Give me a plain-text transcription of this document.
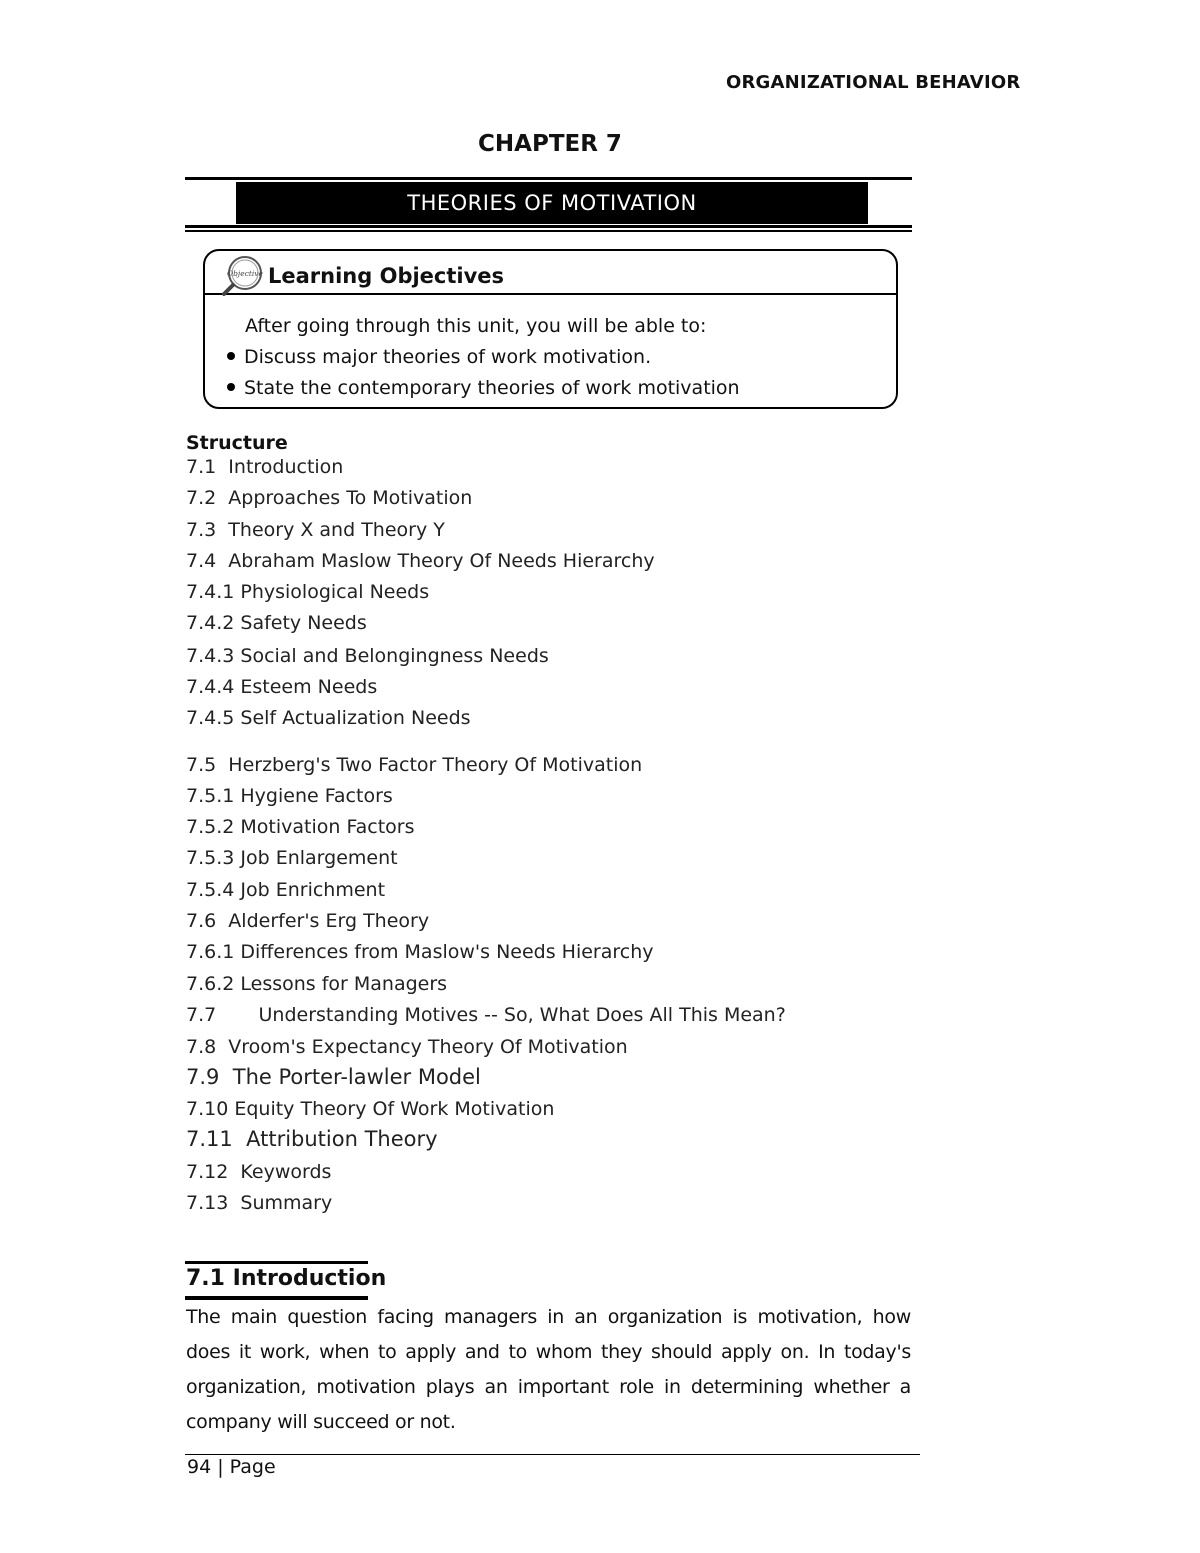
ORGANIZATIONAL BEHAVIOR
CHAPTER 7
THEORIES OF MOTIVATION
Objective Learning Objectives
After going through this unit, you will be able to:
Discuss major theories of work motivation.
State the contemporary theories of work motivation
Structure
7.1  Introduction
7.2  Approaches To Motivation
7.3  Theory X and Theory Y
7.4  Abraham Maslow Theory Of Needs Hierarchy
7.4.1 Physiological Needs
7.4.2 Safety Needs
7.4.3 Social and Belongingness Needs
7.4.4 Esteem Needs
7.4.5 Self Actualization Needs
7.5  Herzberg's Two Factor Theory Of Motivation
7.5.1 Hygiene Factors
7.5.2 Motivation Factors
7.5.3 Job Enlargement
7.5.4 Job Enrichment
7.6  Alderfer's Erg Theory
7.6.1 Differences from Maslow's Needs Hierarchy
7.6.2 Lessons for Managers
7.7       Understanding Motives -- So, What Does All This Mean?
7.8  Vroom's Expectancy Theory Of Motivation
7.9  The Porter-lawler Model
7.10 Equity Theory Of Work Motivation
7.11  Attribution Theory
7.12  Keywords
7.13  Summary
7.1 Introduction
The main question facing managers in an organization is motivation, how does it work, when to apply and to whom they should apply on. In today's organization, motivation plays an important role in determining whether a company will succeed or not.
94 | Page
